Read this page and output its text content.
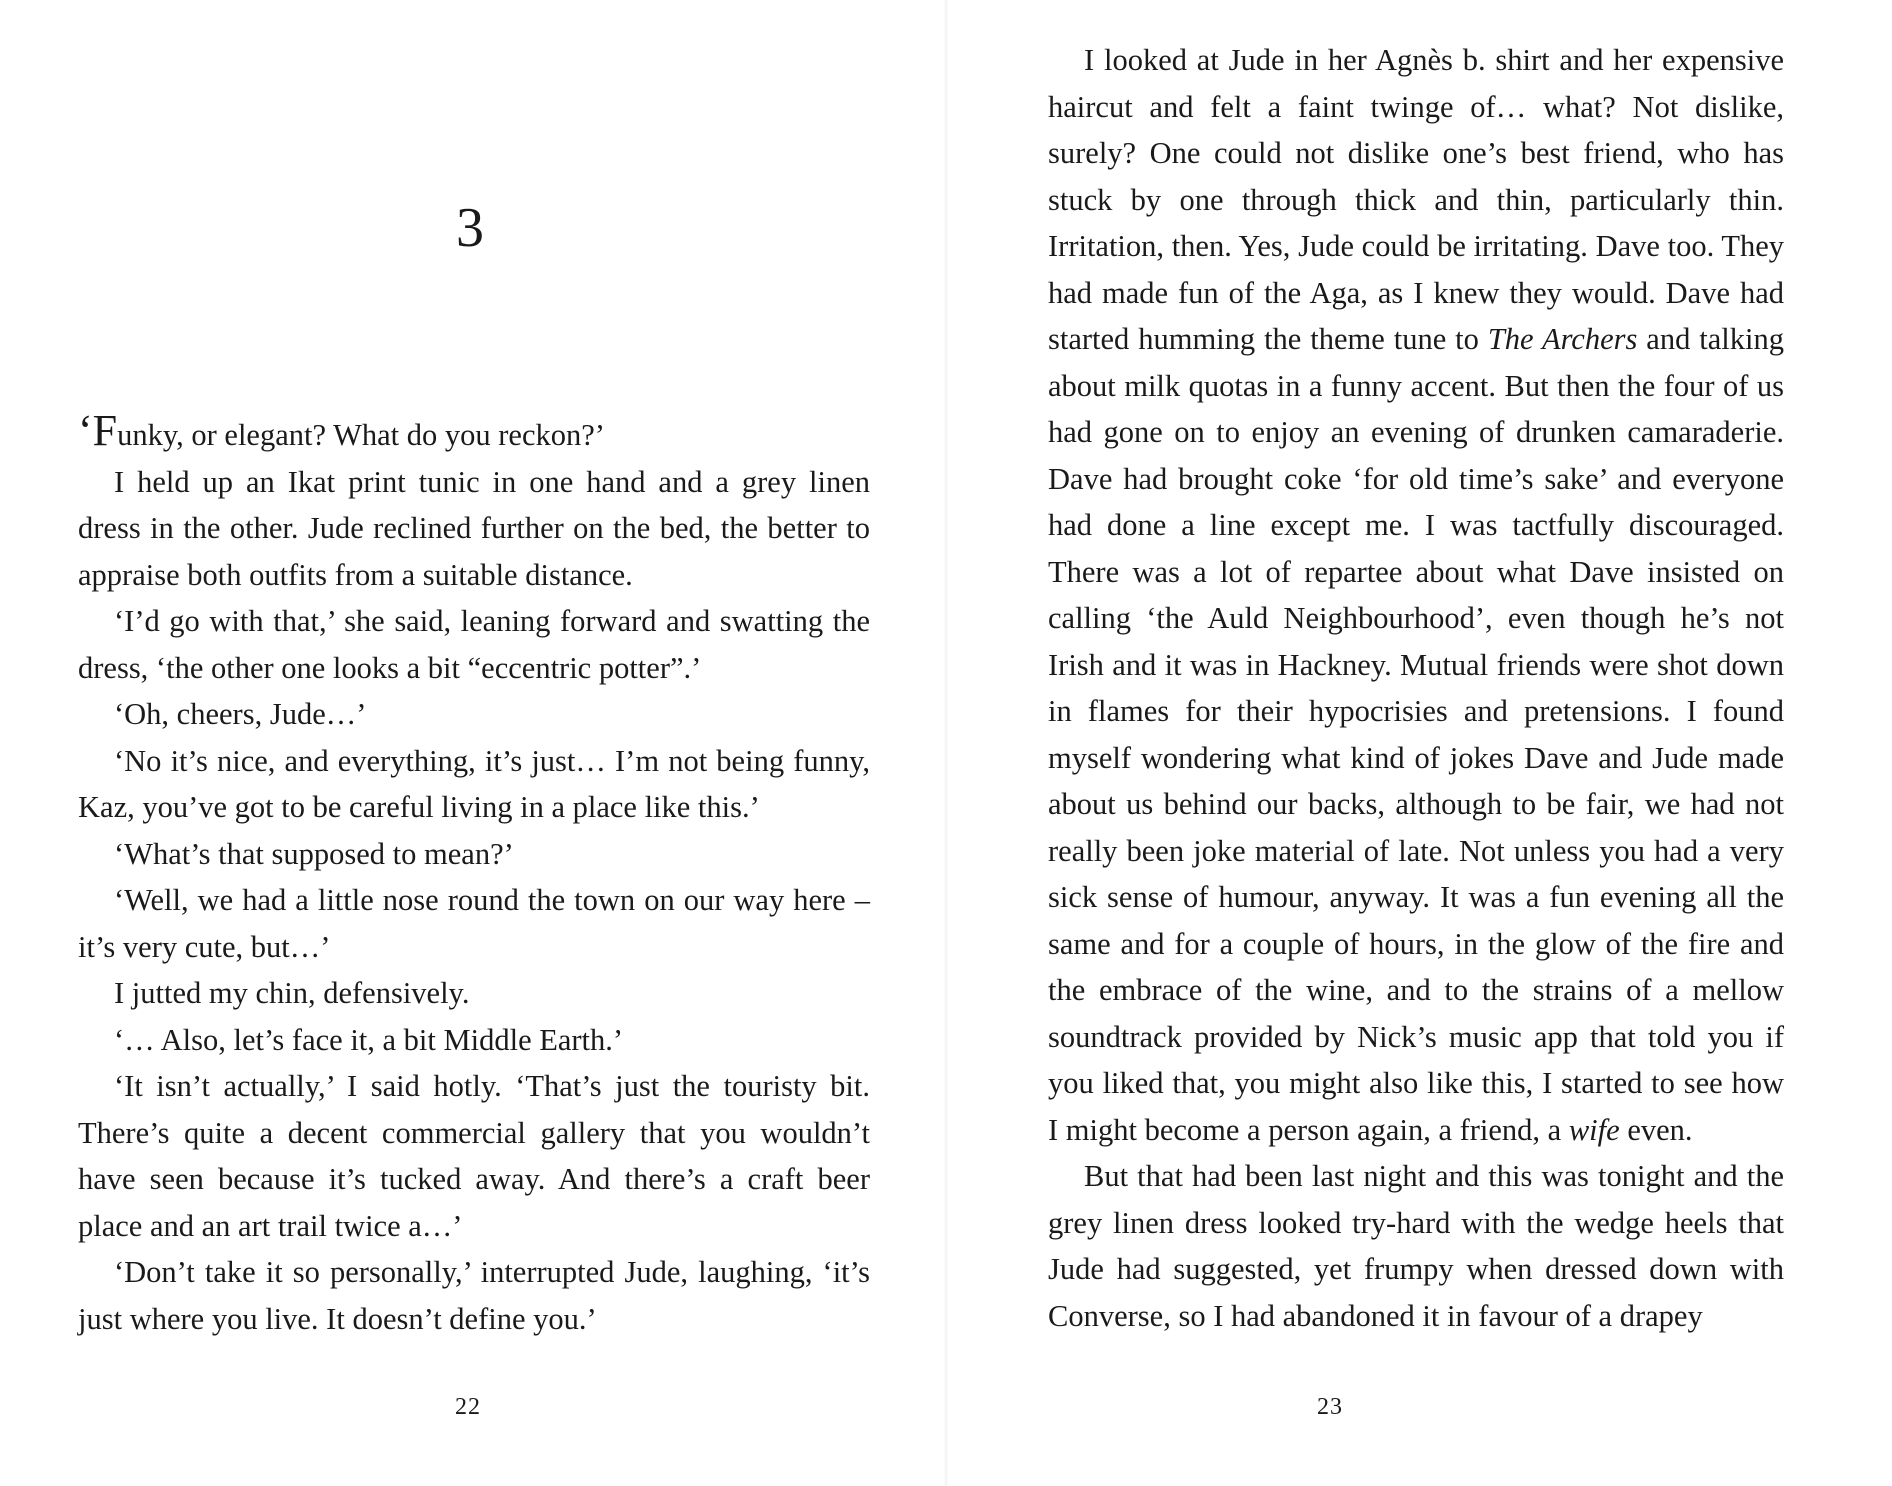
3

‘Funky, or elegant? What do you reckon?’

I held up an Ikat print tunic in one hand and a grey linen dress in the other. Jude reclined further on the bed, the better to appraise both outfits from a suitable distance.

‘I’d go with that,’ she said, leaning forward and swatting the dress, ‘the other one looks a bit “eccentric potter”.’

‘Oh, cheers, Jude…’

‘No it’s nice, and everything, it’s just… I’m not being funny, Kaz, you’ve got to be careful living in a place like this.’

‘What’s that supposed to mean?’

‘Well, we had a little nose round the town on our way here – it’s very cute, but…’

I jutted my chin, defensively.

‘… Also, let’s face it, a bit Middle Earth.’

‘It isn’t actually,’ I said hotly. ‘That’s just the touristy bit. There’s quite a decent commercial gallery that you wouldn’t have seen because it’s tucked away. And there’s a craft beer place and an art trail twice a…’

‘Don’t take it so personally,’ interrupted Jude, laughing, ‘it’s just where you live. It doesn’t define you.’

22

I looked at Jude in her Agnès b. shirt and her expensive haircut and felt a faint twinge of… what? Not dislike, surely? One could not dislike one’s best friend, who has stuck by one through thick and thin, particularly thin. Irritation, then. Yes, Jude could be irritating. Dave too. They had made fun of the Aga, as I knew they would. Dave had started humming the theme tune to The Archers and talking about milk quotas in a funny accent. But then the four of us had gone on to enjoy an evening of drunken camaraderie. Dave had brought coke ‘for old time’s sake’ and everyone had done a line except me. I was tactfully discouraged. There was a lot of repartee about what Dave insisted on calling ‘the Auld Neighbourhood’, even though he’s not Irish and it was in Hackney. Mutual friends were shot down in flames for their hypocrisies and pretensions. I found myself wondering what kind of jokes Dave and Jude made about us behind our backs, although to be fair, we had not really been joke material of late. Not unless you had a very sick sense of humour, anyway. It was a fun evening all the same and for a couple of hours, in the glow of the fire and the embrace of the wine, and to the strains of a mellow soundtrack provided by Nick’s music app that told you if you liked that, you might also like this, I started to see how I might become a person again, a friend, a wife even.

But that had been last night and this was tonight and the grey linen dress looked try-hard with the wedge heels that Jude had suggested, yet frumpy when dressed down with Converse, so I had abandoned it in favour of a drapey

23
